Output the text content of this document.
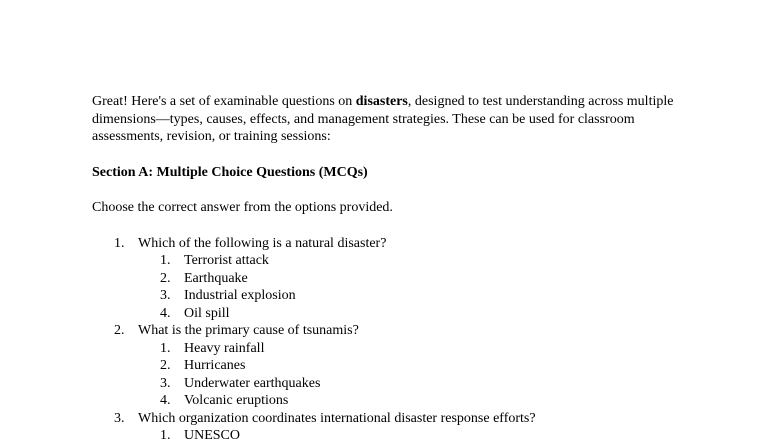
Great! Here's a set of examinable questions on disasters, designed to test understanding across multiple dimensions—types, causes, effects, and management strategies. These can be used for classroom assessments, revision, or training sessions:

Section A: Multiple Choice Questions (MCQs)

Choose the correct answer from the options provided.

1. Which of the following is a natural disaster?
1. Terrorist attack
2. Earthquake
3. Industrial explosion
4. Oil spill
2. What is the primary cause of tsunamis?
1. Heavy rainfall
2. Hurricanes
3. Underwater earthquakes
4. Volcanic eruptions
3. Which organization coordinates international disaster response efforts?
1. UNESCO
